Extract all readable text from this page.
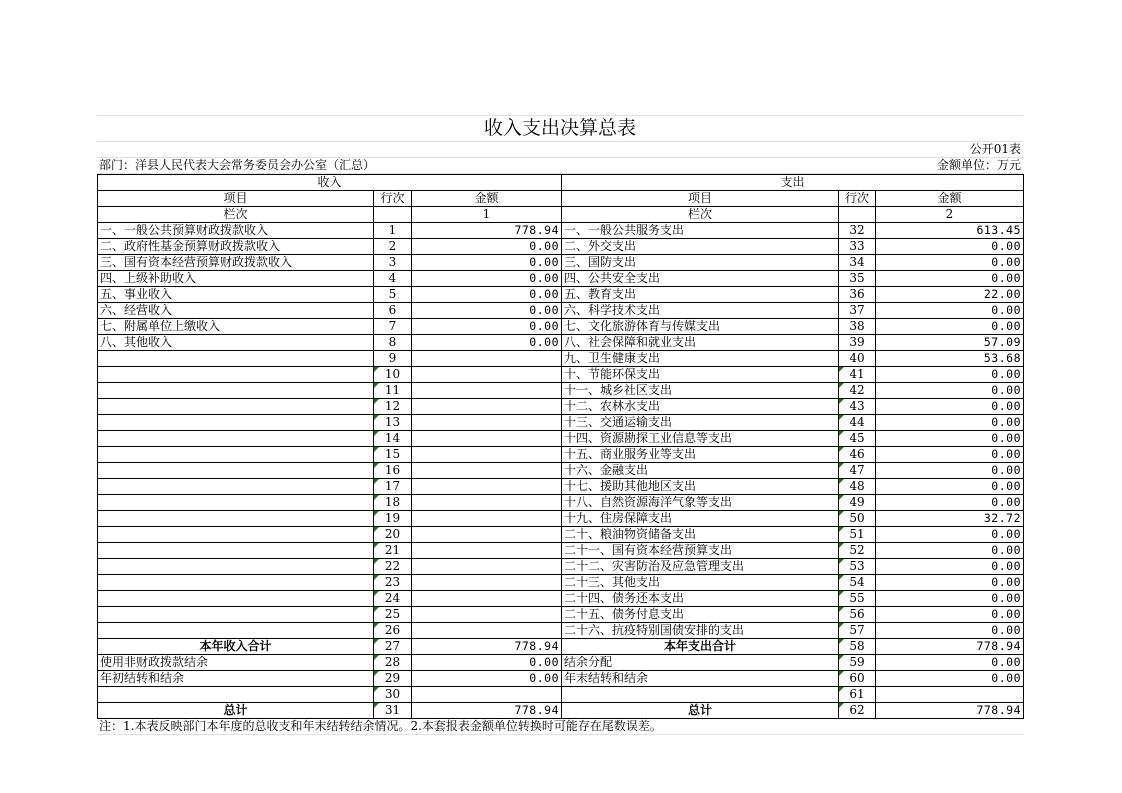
收入支出决算总表
公开01表
部门：洋县人民代表大会常务委员会办公室（汇总）	金额单位：万元
收入			支出		
项目	行次	金额	项目	行次	金额
栏次		1	栏次		2
一、一般公共预算财政拨款收入	1	778.94	一、一般公共服务支出	32	613.45
二、政府性基金预算财政拨款收入	2	0.00	二、外交支出	33	0.00
三、国有资本经营预算财政拨款收入	3	0.00	三、国防支出	34	0.00
四、上级补助收入	4	0.00	四、公共安全支出	35	0.00
五、事业收入	5	0.00	五、教育支出	36	22.00
六、经营收入	6	0.00	六、科学技术支出	37	0.00
七、附属单位上缴收入	7	0.00	七、文化旅游体育与传媒支出	38	0.00
八、其他收入	8	0.00	八、社会保障和就业支出	39	57.09
	9		九、卫生健康支出	40	53.68
	10		十、节能环保支出	41	0.00
	11		十一、城乡社区支出	42	0.00
	12		十二、农林水支出	43	0.00
	13		十三、交通运输支出	44	0.00
	14		十四、资源勘探工业信息等支出	45	0.00
	15		十五、商业服务业等支出	46	0.00
	16		十六、金融支出	47	0.00
	17		十七、援助其他地区支出	48	0.00
	18		十八、自然资源海洋气象等支出	49	0.00
	19		十九、住房保障支出	50	32.72
	20		二十、粮油物资储备支出	51	0.00
	21		二十一、国有资本经营预算支出	52	0.00
	22		二十二、灾害防治及应急管理支出	53	0.00
	23		二十三、其他支出	54	0.00
	24		二十四、债务还本支出	55	0.00
	25		二十五、债务付息支出	56	0.00
	26		二十六、抗疫特别国债安排的支出	57	0.00
本年收入合计	27	778.94	本年支出合计	58	778.94
使用非财政拨款结余	28	0.00	结余分配	59	0.00
年初结转和结余	29	0.00	年末结转和结余	60	0.00
	30			61	
总计	31	778.94	总计	62	778.94
注：1.本表反映部门本年度的总收支和年末结转结余情况。2.本套报表金额单位转换时可能存在尾数误差。
